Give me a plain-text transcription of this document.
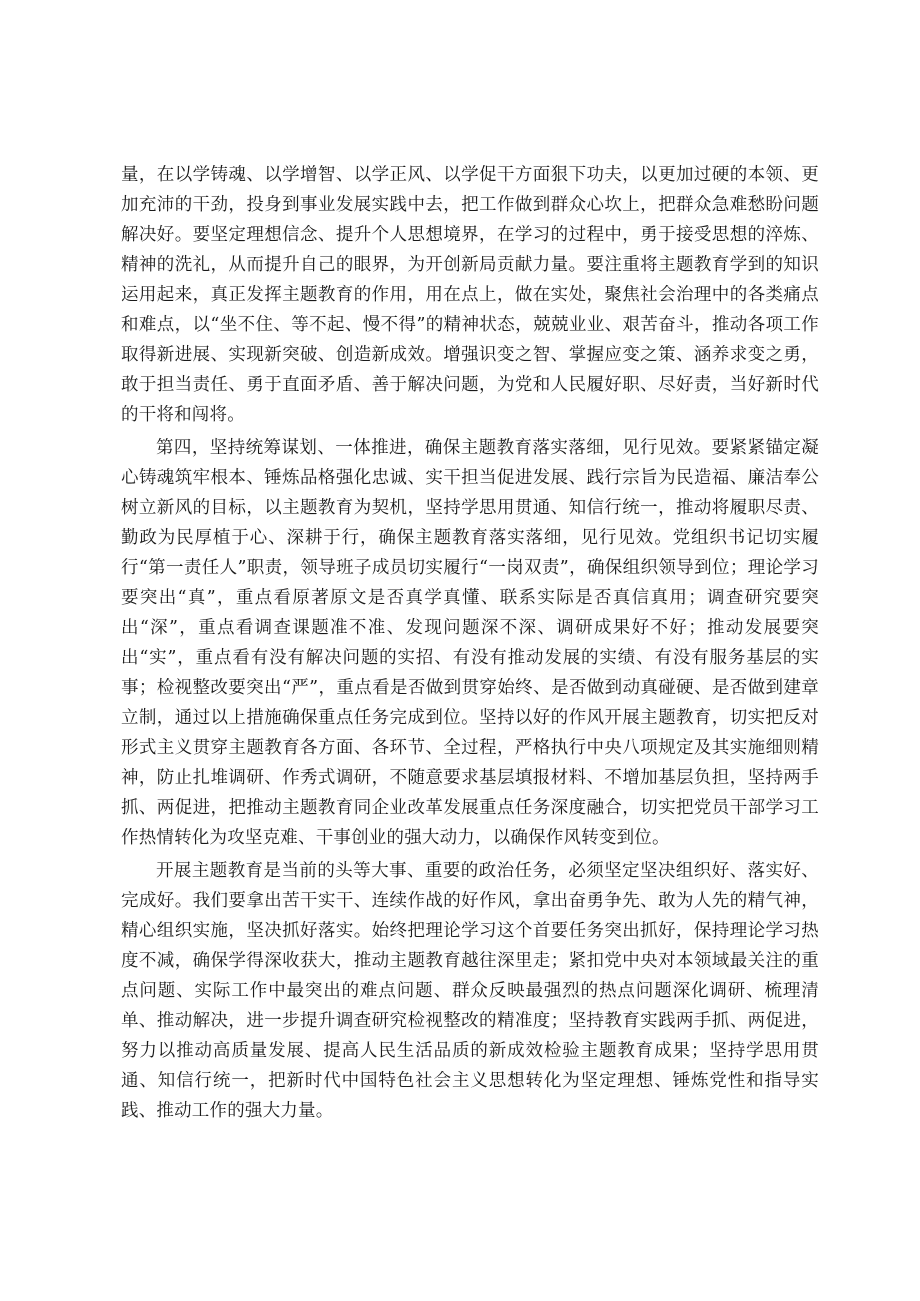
量，在以学铸魂、以学增智、以学正风、以学促干方面狠下功夫，以更加过硬的本领、更加充沛的干劲，投身到事业发展实践中去，把工作做到群众心坎上，把群众急难愁盼问题解决好。要坚定理想信念、提升个人思想境界，在学习的过程中，勇于接受思想的淬炼、精神的洗礼，从而提升自己的眼界，为开创新局贡献力量。要注重将主题教育学到的知识运用起来，真正发挥主题教育的作用，用在点上，做在实处，聚焦社会治理中的各类痛点和难点，以“坐不住、等不起、慢不得”的精神状态，兢兢业业、艰苦奋斗，推动各项工作取得新进展、实现新突破、创造新成效。增强识变之智、掌握应变之策、涵养求变之勇，敢于担当责任、勇于直面矛盾、善于解决问题，为党和人民履好职、尽好责，当好新时代的干将和闯将。

第四，坚持统筹谋划、一体推进，确保主题教育落实落细，见行见效。要紧紧锚定凝心铸魂筑牢根本、锤炼品格强化忠诚、实干担当促进发展、践行宗旨为民造福、廉洁奉公树立新风的目标，以主题教育为契机，坚持学思用贯通、知信行统一，推动将履职尽责、勤政为民厚植于心、深耕于行，确保主题教育落实落细，见行见效。党组织书记切实履行“第一责任人”职责，领导班子成员切实履行“一岗双责”，确保组织领导到位；理论学习要突出“真”，重点看原著原文是否真学真懂、联系实际是否真信真用；调查研究要突出“深”，重点看调查课题准不准、发现问题深不深、调研成果好不好；推动发展要突出“实”，重点看有没有解决问题的实招、有没有推动发展的实绩、有没有服务基层的实事；检视整改要突出“严”，重点看是否做到贯穿始终、是否做到动真碰硬、是否做到建章立制，通过以上措施确保重点任务完成到位。坚持以好的作风开展主题教育，切实把反对形式主义贯穿主题教育各方面、各环节、全过程，严格执行中央八项规定及其实施细则精神，防止扎堆调研、作秀式调研，不随意要求基层填报材料、不增加基层负担，坚持两手抓、两促进，把推动主题教育同企业改革发展重点任务深度融合，切实把党员干部学习工作热情转化为攻坚克难、干事创业的强大动力，以确保作风转变到位。

开展主题教育是当前的头等大事、重要的政治任务，必须坚定坚决组织好、落实好、完成好。我们要拿出苦干实干、连续作战的好作风，拿出奋勇争先、敢为人先的精气神，精心组织实施，坚决抓好落实。始终把理论学习这个首要任务突出抓好，保持理论学习热度不减，确保学得深收获大，推动主题教育越往深里走；紧扣党中央对本领域最关注的重点问题、实际工作中最突出的难点问题、群众反映最强烈的热点问题深化调研、梳理清单、推动解决，进一步提升调查研究检视整改的精准度；坚持教育实践两手抓、两促进，努力以推动高质量发展、提高人民生活品质的新成效检验主题教育成果；坚持学思用贯通、知信行统一，把新时代中国特色社会主义思想转化为坚定理想、锤炼党性和指导实践、推动工作的强大力量。
